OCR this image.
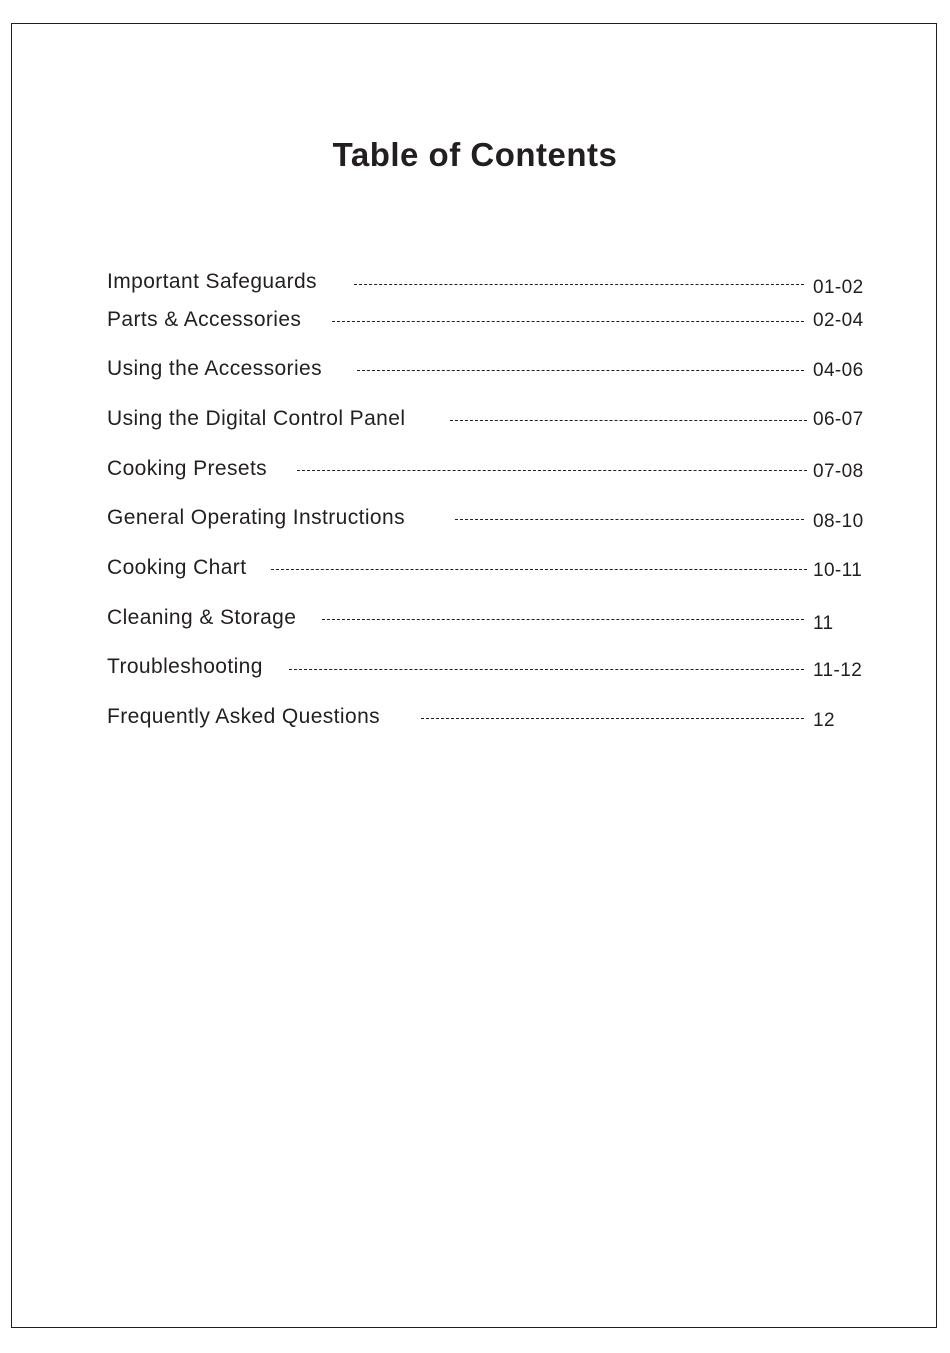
Table of Contents
Important Safeguards	01-02
Parts & Accessories	02-04
Using the Accessories	04-06
Using the Digital Control Panel	06-07
Cooking Presets	07-08
General Operating Instructions	08-10
Cooking Chart	10-11
Cleaning & Storage	11
Troubleshooting	11-12
Frequently Asked Questions	12
